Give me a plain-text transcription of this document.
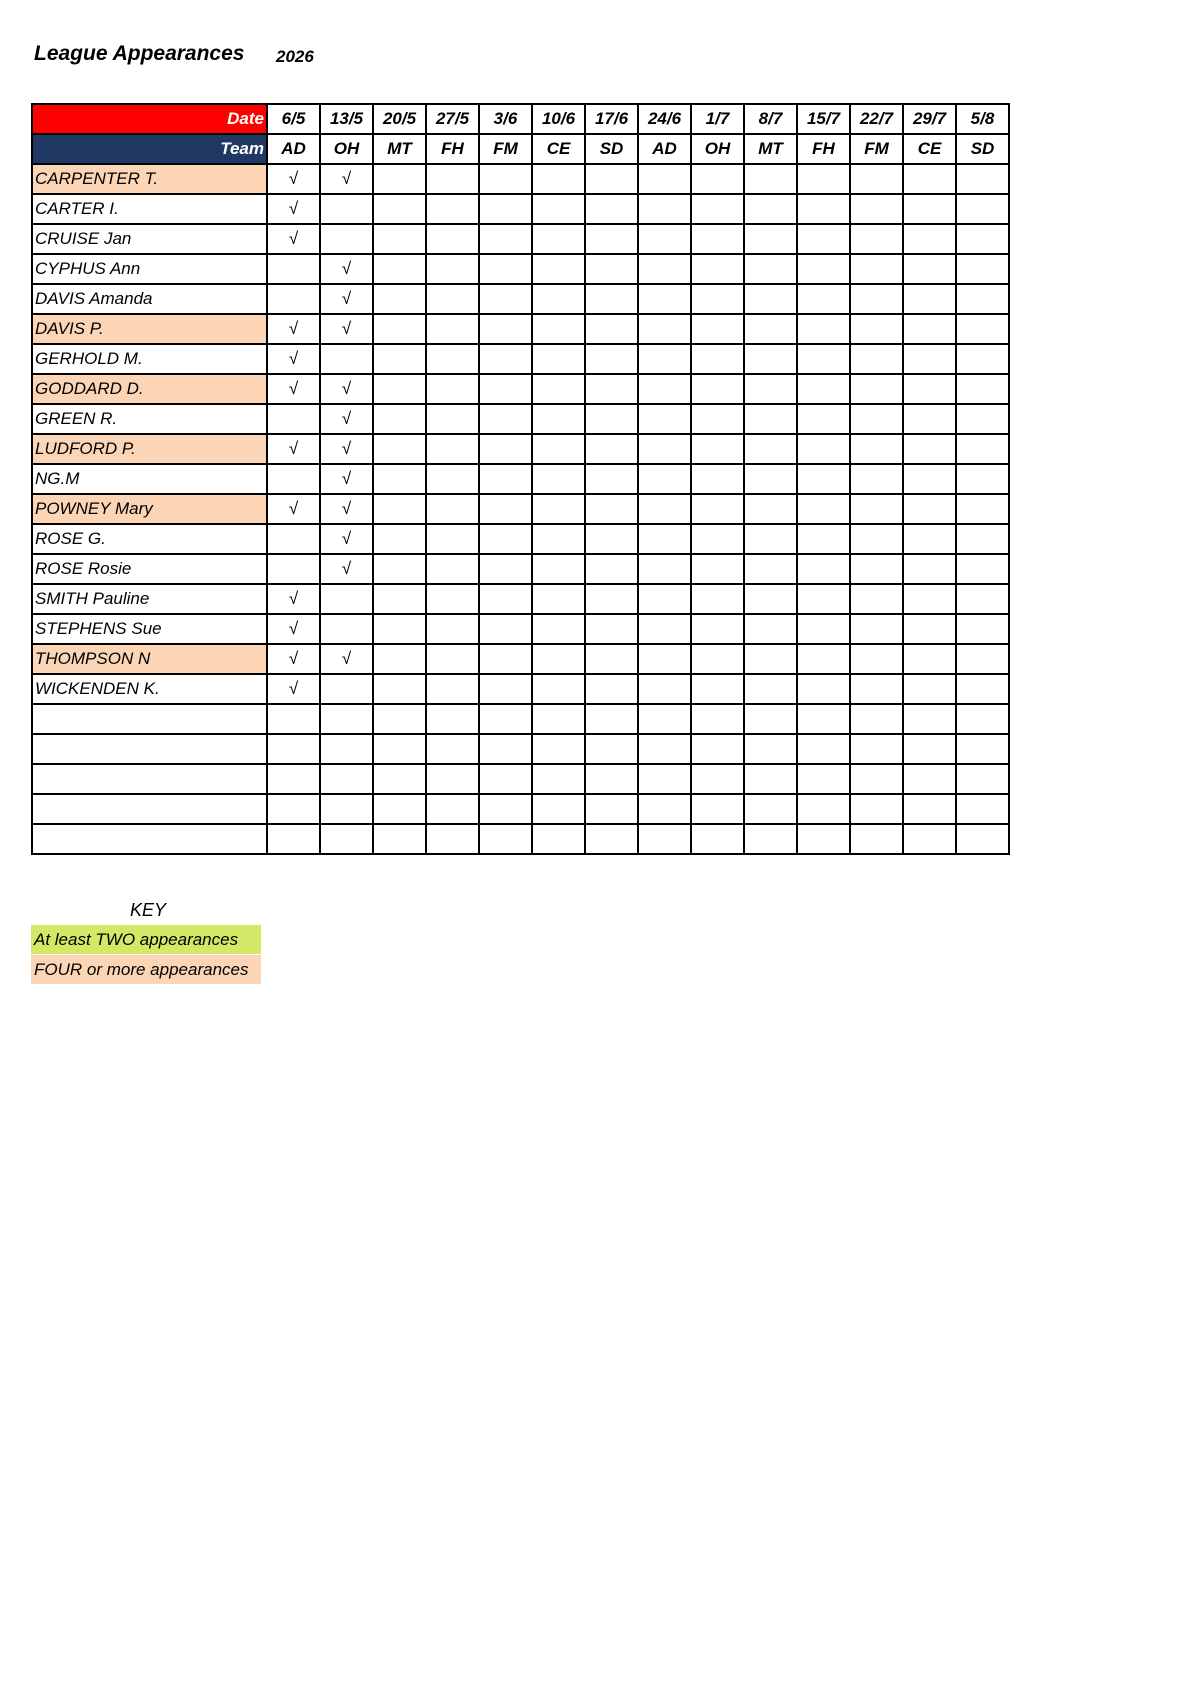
League Appearances 2026
Date	6/5	13/5	20/5	27/5	3/6	10/6	17/6	24/6	1/7	8/7	15/7	22/7	29/7	5/8
Team	AD	OH	MT	FH	FM	CE	SD	AD	OH	MT	FH	FM	CE	SD
CARPENTER T.	√	√												
CARTER I.	√													
CRUISE Jan	√													
CYPHUS Ann		√												
DAVIS Amanda		√												
DAVIS P.	√	√												
GERHOLD M.	√													
GODDARD D.	√	√												
GREEN R.		√												
LUDFORD P.	√	√												
NG.M		√												
POWNEY Mary	√	√												
ROSE G.		√												
ROSE Rosie		√												
SMITH Pauline	√													
STEPHENS Sue	√													
THOMPSON N	√	√												
WICKENDEN K.	√													

KEY
At least TWO appearances
FOUR or more appearances
